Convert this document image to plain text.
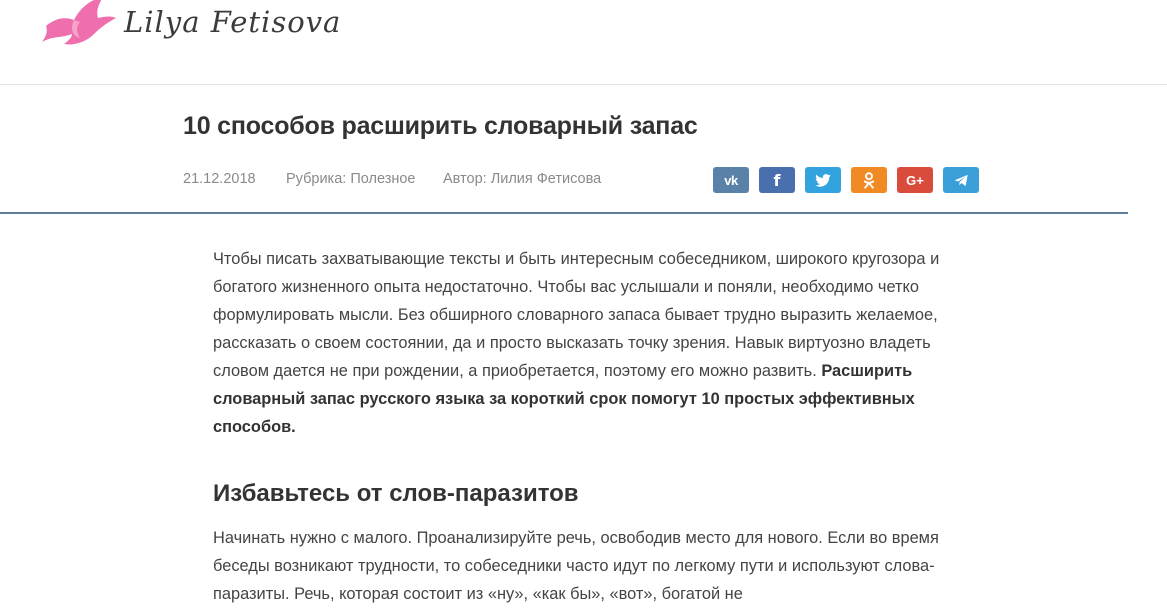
Lilya Fetisova
10 способов расширить словарный запас
21.12.2018 Рубрика: Полезное Автор: Лилия Фетисова	vk f	G+

Чтобы писать захватывающие тексты и быть интересным собеседником, широкого кругозора и богатого жизненного опыта недостаточно. Чтобы вас услышали и поняли, необходимо четко формулировать мысли. Без обширного словарного запаса бывает трудно выразить желаемое, рассказать о своем состоянии, да и просто высказать точку зрения. Навык виртуозно владеть словом дается не при рождении, а приобретается, поэтому его можно развить. Расширить словарный запас русского языка за короткий срок помогут 10 простых эффективных способов.

Избавьтесь от слов-паразитов

Начинать нужно с малого. Проанализируйте речь, освободив место для нового. Если во время беседы возникают трудности, то собеседники часто идут по легкому пути и используют слова-паразиты. Речь, которая состоит из «ну», «как бы», «вот», богатой не
